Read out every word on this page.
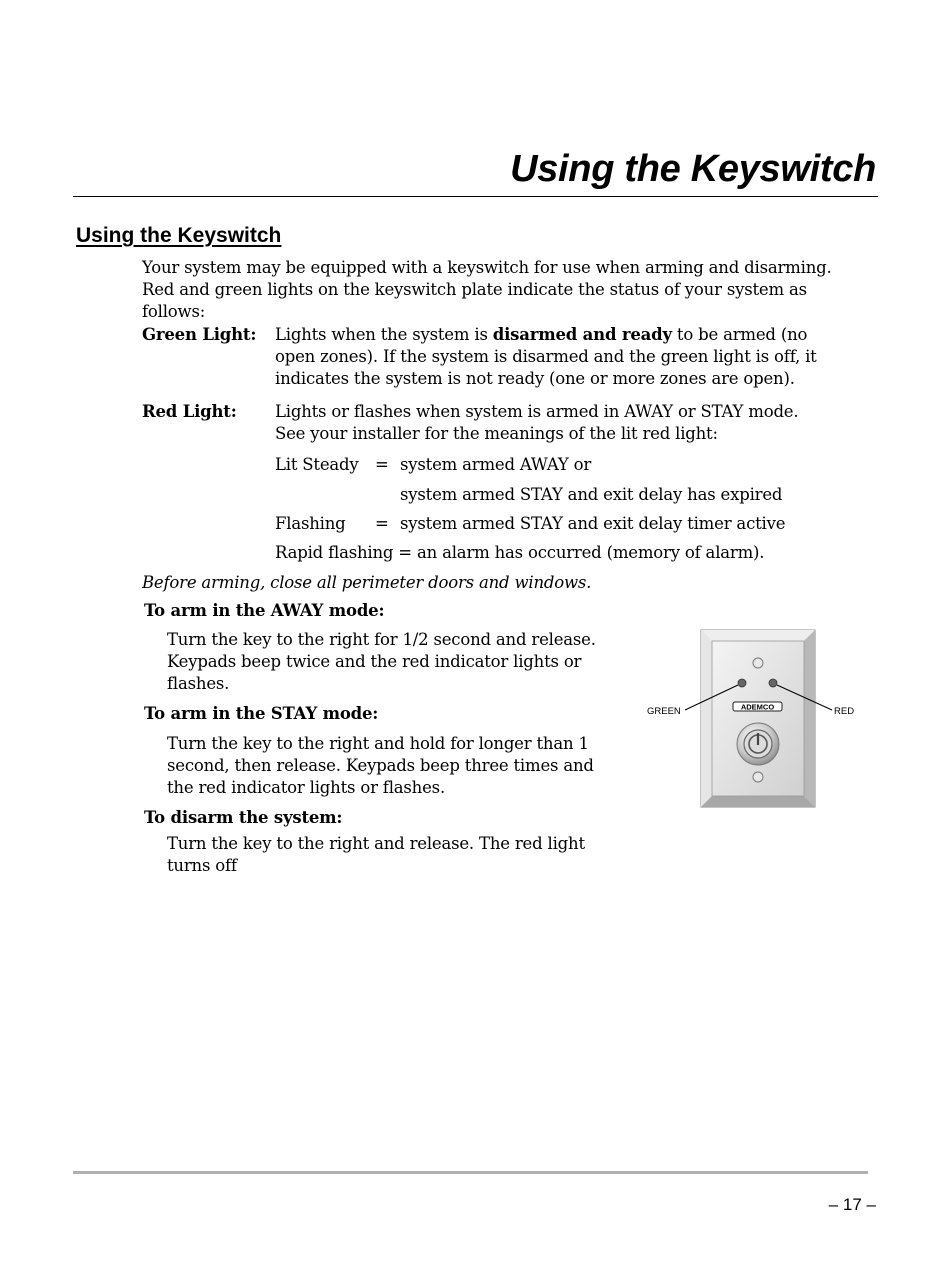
Using the Keyswitch
Using the Keyswitch
Your system may be equipped with a keyswitch for use when arming and disarming.
Red and green lights on the keyswitch plate indicate the status of your system as
follows:
Green Light: Lights when the system is disarmed and ready to be armed (no
open zones). If the system is disarmed and the green light is off, it
indicates the system is not ready (one or more zones are open).
Red Light: Lights or flashes when system is armed in AWAY or STAY mode.
See your installer for the meanings of the lit red light:
Lit Steady = system armed AWAY or
system armed STAY and exit delay has expired
Flashing = system armed STAY and exit delay timer active
Rapid flashing = an alarm has occurred (memory of alarm).
Before arming, close all perimeter doors and windows.
To arm in the AWAY mode:
Turn the key to the right for 1/2 second and release.
Keypads beep twice and the red indicator lights or
flashes.
To arm in the STAY mode:
Turn the key to the right and hold for longer than 1
second, then release. Keypads beep three times and
the red indicator lights or flashes.
To disarm the system:
Turn the key to the right and release. The red light
turns off
GREEN	RED
ADEMCO
– 17 –
